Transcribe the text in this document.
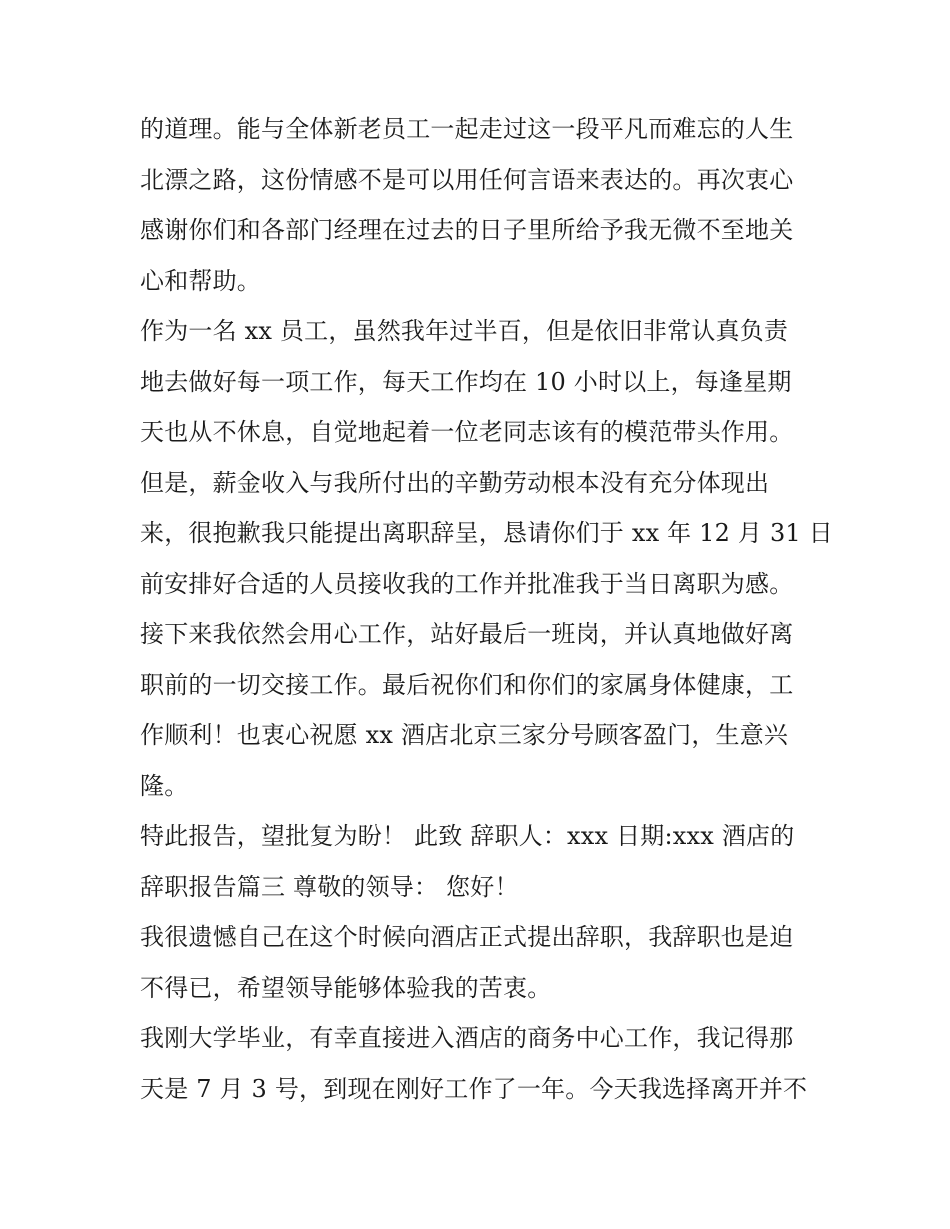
的道理。能与全体新老员工一起走过这一段平凡而难忘的人生
北漂之路，这份情感不是可以用任何言语来表达的。再次衷心
感谢你们和各部门经理在过去的日子里所给予我无微不至地关
心和帮助。
作为一名 xx 员工，虽然我年过半百，但是依旧非常认真负责
地去做好每一项工作，每天工作均在 10 小时以上，每逢星期
天也从不休息，自觉地起着一位老同志该有的模范带头作用。
但是，薪金收入与我所付出的辛勤劳动根本没有充分体现出
来，很抱歉我只能提出离职辞呈，恳请你们于 xx 年 12 月 31 日
前安排好合适的人员接收我的工作并批准我于当日离职为感。
接下来我依然会用心工作，站好最后一班岗，并认真地做好离
职前的一切交接工作。最后祝你们和你们的家属身体健康，工
作顺利！也衷心祝愿 xx 酒店北京三家分号顾客盈门，生意兴
隆。
特此报告，望批复为盼！ 此致 辞职人：xxx 日期:xxx 酒店的
辞职报告篇三 尊敬的领导： 您好！
我很遗憾自己在这个时候向酒店正式提出辞职，我辞职也是迫
不得已，希望领导能够体验我的苦衷。
我刚大学毕业，有幸直接进入酒店的商务中心工作，我记得那
天是 7 月 3 号，到现在刚好工作了一年。今天我选择离开并不
